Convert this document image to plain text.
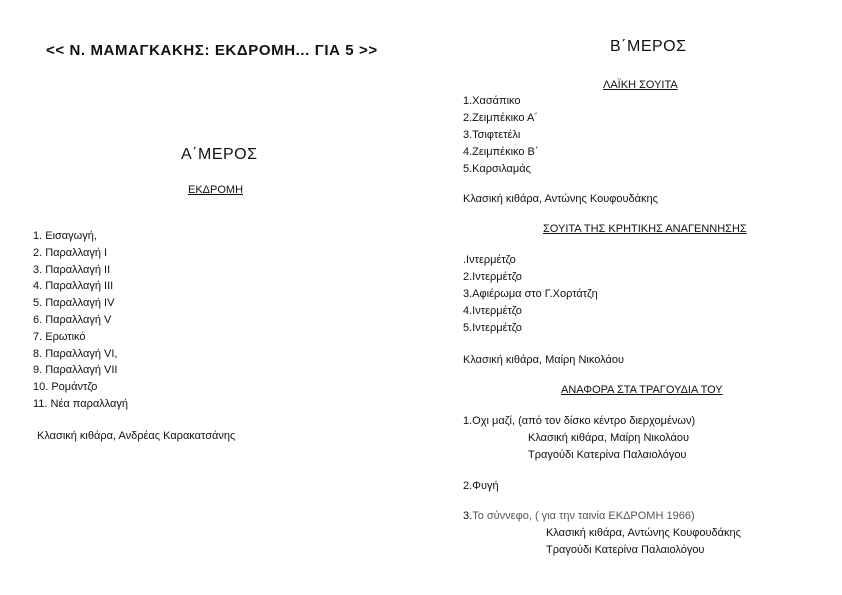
<< Ν. ΜΑΜΑΓΚΑΚΗΣ: ΕΚΔΡΟΜΗ... ΓΙΑ 5 >>
Α΄ΜΕΡΟΣ
ΕΚΔΡΟΜΗ
1. Εισαγωγή,
2. Παραλλαγή Ι
3. Παραλλαγή ΙΙ
4. Παραλλαγή ΙΙΙ
5. Παραλλαγή ΙV
6. Παραλλαγή V
7. Ερωτικό
8. Παραλλαγή VI,
9. Παραλλαγή VII
10. Ρομάντζο
11. Νέα παραλλαγή
Κλασική κιθάρα, Ανδρέας Καρακατσάνης
Β΄ΜΕΡΟΣ
ΛΑΪΚΗ ΣΟΥΙΤΑ
1.Χασάπικο
2.Ζειμπέκικο Α΄
3.Τσιφτετέλι
4.Ζειμπέκικο Β΄
5.Καρσιλαμάς
Κλασική κιθάρα, Αντώνης Κουφουδάκης
ΣΟΥΙΤΑ ΤΗΣ ΚΡΗΤΙΚΗΣ ΑΝΑΓΕΝΝΗΣΗΣ
.Ιντερμέτζο
2.Ιντερμέτζο
3.Αφιέρωμα στο Γ.Χορτάτζη
4.Ιντερμέτζο
5.Ιντερμέτζο
Κλασική κιθάρα, Μαίρη Νικολάου
ΑΝΑΦΟΡΑ ΣΤΑ ΤΡΑΓΟΥΔΙΑ ΤΟΥ
1.Οχι μαζί, (από τον δίσκο κέντρο διερχομένων)
Κλασική κιθάρα, Μαίρη Νικολάου
Τραγούδι Κατερίνα Παλαιολόγου
2.Φυγή
3.Το σύννεφο, ( για την ταινία ΕΚΔΡΟΜΗ 1966)
Κλασική κιθάρα, Αντώνης Κουφουδάκης
Τραγούδι Κατερίνα Παλαιολόγου
